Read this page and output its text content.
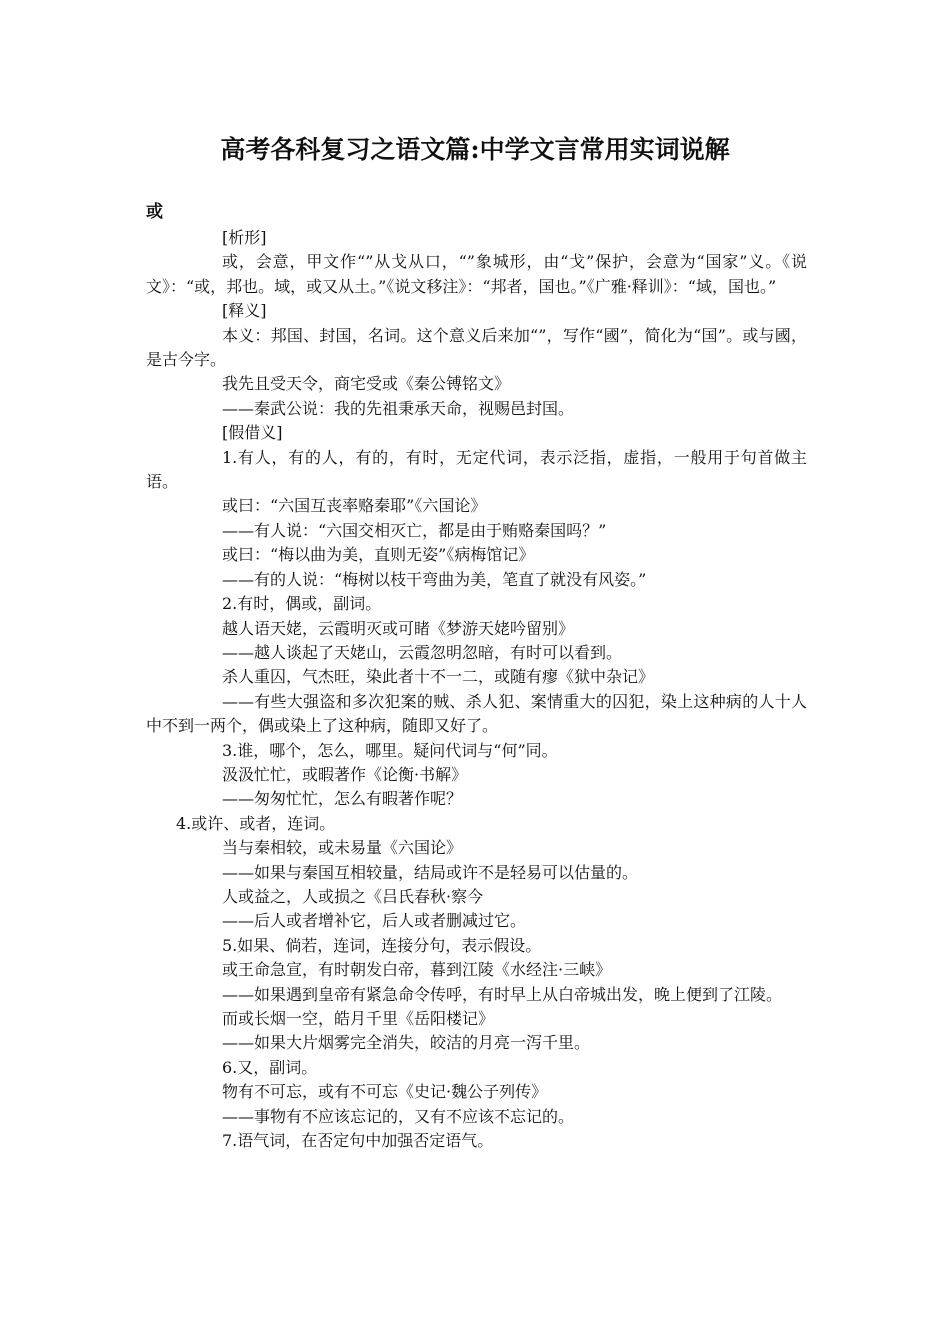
高考各科复习之语文篇:中学文言常用实词说解
或

[析形]

或，会意，甲文作“”从戈从口，“”象城形，由“戈”保护，会意为“国家”义。《说文》：“或，邦也。域，或又从土。”《说文移注》：“邦者，国也。”《广雅·释训》：“域，国也。”

[释义]

本义：邦国、封国，名词。这个意义后来加“”，写作“國”，简化为“国”。或与國，是古今字。

我先且受天令，商宅受或《秦公镈铭文》

——秦武公说：我的先祖秉承天命，视赐邑封国。

[假借义]

1.有人，有的人，有的，有时，无定代词，表示泛指，虚指，一般用于句首做主语。

或曰：“六国互丧率赂秦耶”《六国论》

——有人说：“六国交相灭亡，都是由于贿赂秦国吗？”

或曰：“梅以曲为美，直则无姿”《病梅馆记》

——有的人说：“梅树以枝干弯曲为美，笔直了就没有风姿。”

2.有时，偶或，副词。

越人语天姥，云霞明灭或可睹《梦游天姥吟留别》

——越人谈起了天姥山，云霞忽明忽暗，有时可以看到。

杀人重囚，气杰旺，染此者十不一二，或随有瘳《狱中杂记》

——有些大强盗和多次犯案的贼、杀人犯、案情重大的囚犯，染上这种病的人十人中不到一两个，偶或染上了这种病，随即又好了。

3.谁，哪个，怎么，哪里。疑问代词与“何”同。

汲汲忙忙，或暇著作《论衡·书解》

——匆匆忙忙，怎么有暇著作呢？

4.或许、或者，连词。

当与秦相较，或未易量《六国论》

——如果与秦国互相较量，结局或许不是轻易可以估量的。

人或益之，人或损之《吕氏春秋·察今

——后人或者增补它，后人或者删减过它。

5.如果、倘若，连词，连接分句，表示假设。

或王命急宣，有时朝发白帝，暮到江陵《水经注·三峡》

——如果遇到皇帝有紧急命令传呼，有时早上从白帝城出发，晚上便到了江陵。

而或长烟一空，皓月千里《岳阳楼记》

——如果大片烟雾完全消失，皎洁的月亮一泻千里。

6.又，副词。

物有不可忘，或有不可忘《史记·魏公子列传》

——事物有不应该忘记的，又有不应该不忘记的。

7.语气词，在否定句中加强否定语气。
